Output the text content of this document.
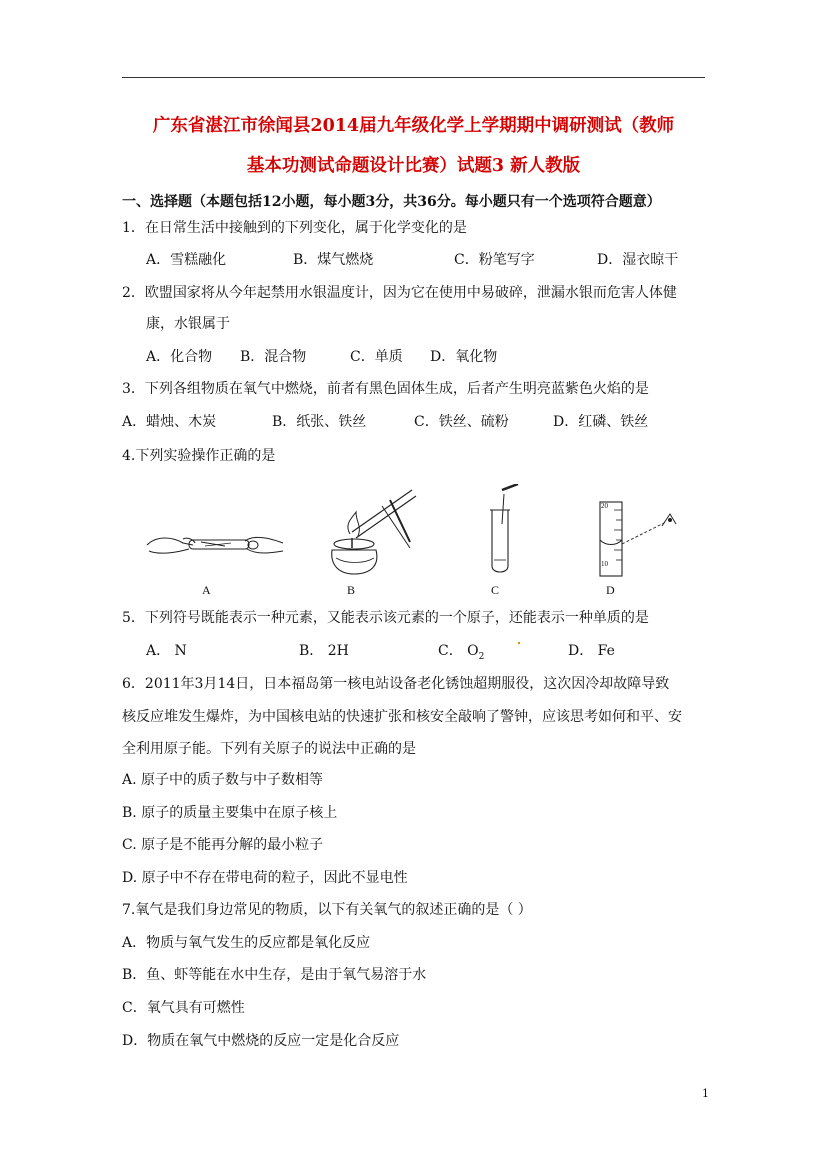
广东省湛江市徐闻县2014届九年级化学上学期期中调研测试（教师
基本功测试命题设计比赛）试题3 新人教版
一、选择题（本题包括12小题，每小题3分，共36分。每小题只有一个选项符合题意）
1．在日常生活中接触到的下列变化，属于化学变化的是
A．雪糕融化	B．煤气燃烧	C．粉笔写字	D．湿衣晾干
2．欧盟国家将从今年起禁用水银温度计，因为它在使用中易破碎，泄漏水银而危害人体健
康，水银属于
A．化合物 B．混合物	C．单质 D．氧化物
3．下列各组物质在氧气中燃烧，前者有黑色固体生成，后者产生明亮蓝紫色火焰的是
A．蜡烛、木炭	B．纸张、铁丝	C．铁丝、硫粉	D．红磷、铁丝
4.下列实验操作正确的是
A	B	C
20
10
D
5．下列符号既能表示一种元素，又能表示该元素的一个原子，还能表示一种单质的是
A． N	B． 2H	C． $O_2$	D． Fe
6．2011年3月14日，日本福岛第一核电站设备老化锈蚀超期服役，这次因冷却故障导致
核反应堆发生爆炸，为中国核电站的快速扩张和核安全敲响了警钟，应该思考如何和平、安
全利用原子能。下列有关原子的说法中正确的是
A. 原子中的质子数与中子数相等
B. 原子的质量主要集中在原子核上
C. 原子是不能再分解的最小粒子
D. 原子中不存在带电荷的粒子，因此不显电性
7.氧气是我们身边常见的物质，以下有关氧气的叙述正确的是（ ）
A．物质与氧气发生的反应都是氧化反应
B．鱼、虾等能在水中生存，是由于氧气易溶于水
C．氧气具有可燃性
D．物质在氧气中燃烧的反应一定是化合反应
1
